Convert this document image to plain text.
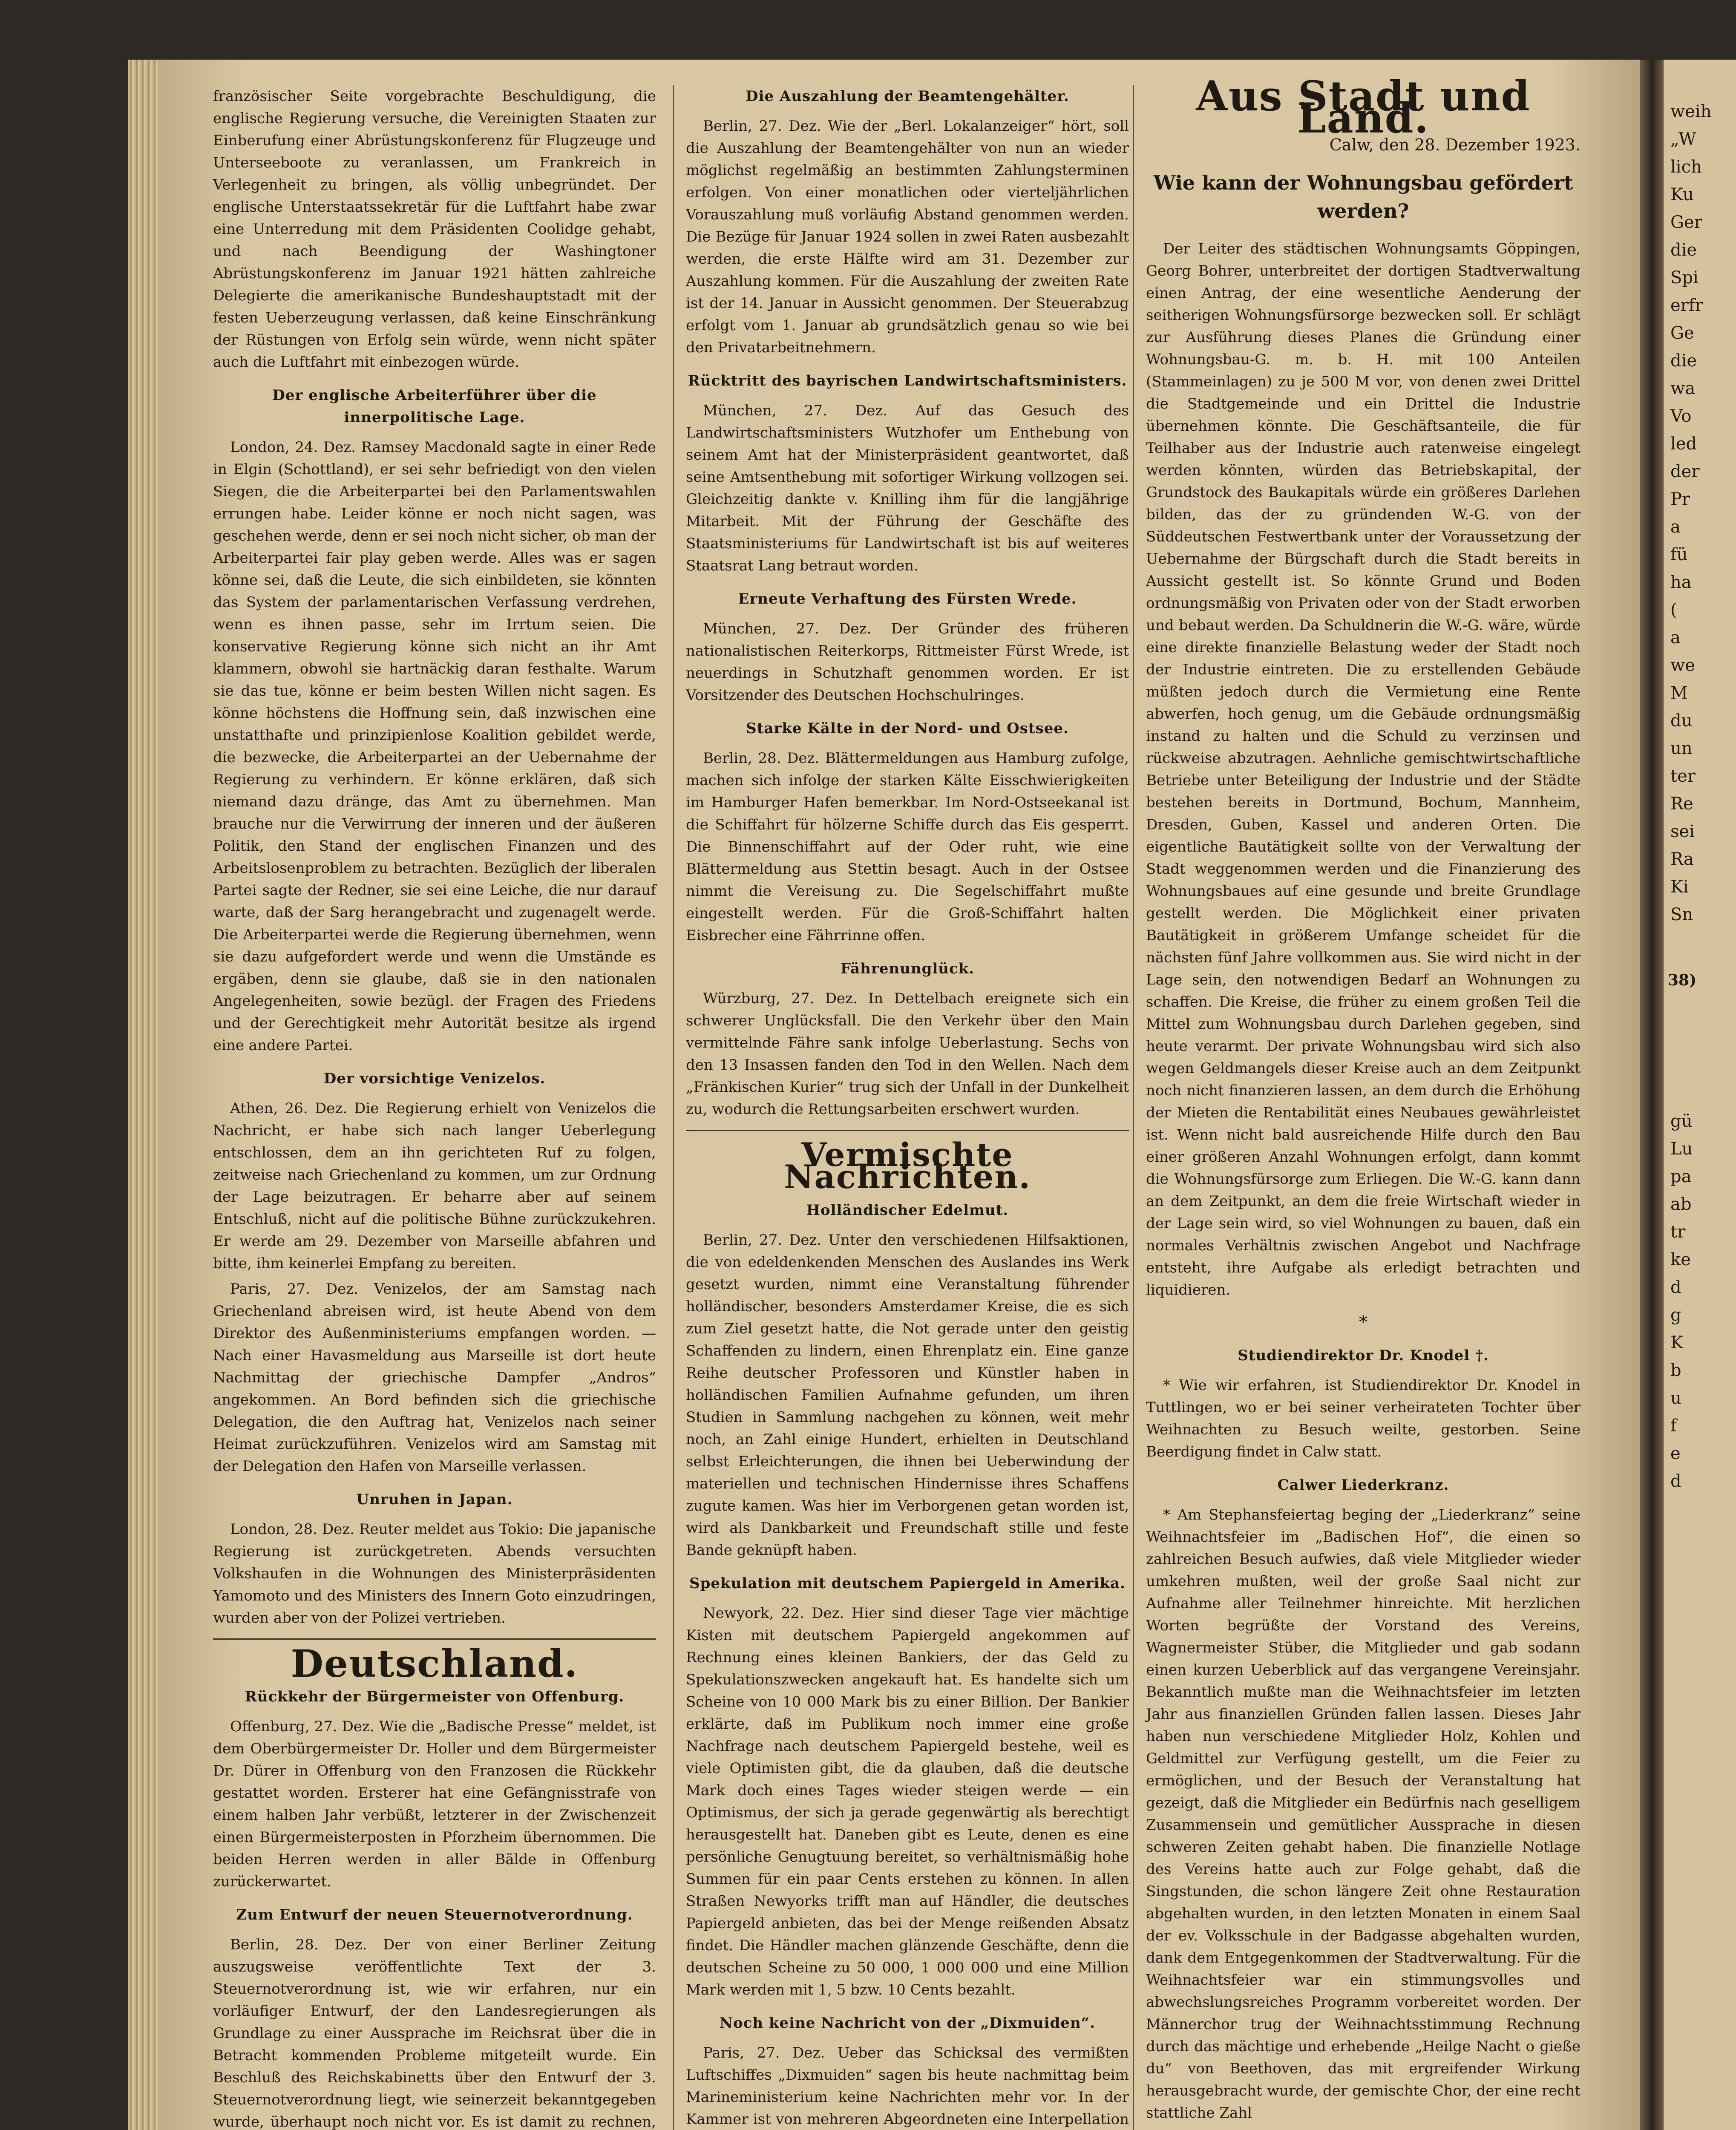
französischer Seite vorgebrachte Beschuldigung, die englische Regierung versuche, die Vereinigten Staaten zur Einberufung einer Abrüstungskonferenz für Flugzeuge und Unterseeboote zu veranlassen, um Frankreich in Verlegenheit zu bringen, als völlig unbegründet. Der englische Unterstaatssekretär für die Luftfahrt habe zwar eine Unterredung mit dem Präsidenten Coolidge gehabt, und nach Beendigung der Washingtoner Abrüstungskonferenz im Januar 1921 hätten zahlreiche Delegierte die amerikanische Bundeshauptstadt mit der festen Ueberzeugung verlassen, daß keine Einschränkung der Rüstungen von Erfolg sein würde, wenn nicht später auch die Luftfahrt mit einbezogen würde.

Der englische Arbeiterführer über die innerpolitische Lage.

London, 24. Dez. Ramsey Macdonald sagte in einer Rede in Elgin (Schottland), er sei sehr befriedigt von den vielen Siegen, die die Arbeiterpartei bei den Parlamentswahlen errungen habe. Leider könne er noch nicht sagen, was geschehen werde, denn er sei noch nicht sicher, ob man der Arbeiterpartei fair play geben werde. Alles was er sagen könne sei, daß die Leute, die sich einbildeten, sie könnten das System der parlamentarischen Verfassung verdrehen, wenn es ihnen passe, sehr im Irrtum seien. Die konservative Regierung könne sich nicht an ihr Amt klammern, obwohl sie hartnäckig daran festhalte. Warum sie das tue, könne er beim besten Willen nicht sagen. Es könne höchstens die Hoffnung sein, daß inzwischen eine unstatthafte und prinzipienlose Koalition gebildet werde, die bezwecke, die Arbeiterpartei an der Uebernahme der Regierung zu verhindern. Er könne erklären, daß sich niemand dazu dränge, das Amt zu übernehmen. Man brauche nur die Verwirrung der inneren und der äußeren Politik, den Stand der englischen Finanzen und des Arbeitslosenproblem zu betrachten. Bezüglich der liberalen Partei sagte der Redner, sie sei eine Leiche, die nur darauf warte, daß der Sarg herangebracht und zugenagelt werde. Die Arbeiterpartei werde die Regierung übernehmen, wenn sie dazu aufgefordert werde und wenn die Umstände es ergäben, denn sie glaube, daß sie in den nationalen Angelegenheiten, sowie bezügl. der Fragen des Friedens und der Gerechtigkeit mehr Autorität besitze als irgend eine andere Partei.

Der vorsichtige Venizelos.

Athen, 26. Dez. Die Regierung erhielt von Venizelos die Nachricht, er habe sich nach langer Ueberlegung entschlossen, dem an ihn gerichteten Ruf zu folgen, zeitweise nach Griechenland zu kommen, um zur Ordnung der Lage beizutragen. Er beharre aber auf seinem Entschluß, nicht auf die politische Bühne zurückzukehren. Er werde am 29. Dezember von Marseille abfahren und bitte, ihm keinerlei Empfang zu bereiten.

Paris, 27. Dez. Venizelos, der am Samstag nach Griechenland abreisen wird, ist heute Abend von dem Direktor des Außenministeriums empfangen worden. — Nach einer Havasmeldung aus Marseille ist dort heute Nachmittag der griechische Dampfer „Andros“ angekommen. An Bord befinden sich die griechische Delegation, die den Auftrag hat, Venizelos nach seiner Heimat zurückzuführen. Venizelos wird am Samstag mit der Delegation den Hafen von Marseille verlassen.

Unruhen in Japan.

London, 28. Dez. Reuter meldet aus Tokio: Die japanische Regierung ist zurückgetreten. Abends versuchten Volkshaufen in die Wohnungen des Ministerpräsidenten Yamomoto und des Ministers des Innern Goto einzudringen, wurden aber von der Polizei vertrieben.

Deutschland.
Rückkehr der Bürgermeister von Offenburg.

Offenburg, 27. Dez. Wie die „Badische Presse“ meldet, ist dem Oberbürgermeister Dr. Holler und dem Bürgermeister Dr. Dürer in Offenburg von den Franzosen die Rückkehr gestattet worden. Ersterer hat eine Gefängnisstrafe von einem halben Jahr verbüßt, letzterer in der Zwischenzeit einen Bürgermeisterposten in Pforzheim übernommen. Die beiden Herren werden in aller Bälde in Offenburg zurückerwartet.

Zum Entwurf der neuen Steuernotverordnung.

Berlin, 28. Dez. Der von einer Berliner Zeitung auszugsweise veröffentlichte Text der 3. Steuernotverordnung ist, wie wir erfahren, nur ein vorläufiger Entwurf, der den Landesregierungen als Grundlage zu einer Aussprache im Reichsrat über die in Betracht kommenden Probleme mitgeteilt wurde. Ein Beschluß des Reichskabinetts über den Entwurf der 3. Steuernotverordnung liegt, wie seinerzeit bekanntgegeben wurde, überhaupt noch nicht vor. Es ist damit zu rechnen,

Die Auszahlung der Beamtengehälter.

Berlin, 27. Dez. Wie der „Berl. Lokalanzeiger“ hört, soll die Auszahlung der Beamtengehälter von nun an wieder möglichst regelmäßig an bestimmten Zahlungsterminen erfolgen. Von einer monatlichen oder vierteljährlichen Vorauszahlung muß vorläufig Abstand genommen werden. Die Bezüge für Januar 1924 sollen in zwei Raten ausbezahlt werden, die erste Hälfte wird am 31. Dezember zur Auszahlung kommen. Für die Auszahlung der zweiten Rate ist der 14. Januar in Aussicht genommen. Der Steuerabzug erfolgt vom 1. Januar ab grundsätzlich genau so wie bei den Privatarbeitnehmern.

Rücktritt des bayrischen Landwirtschaftsministers.

München, 27. Dez. Auf das Gesuch des Landwirtschaftsministers Wutzhofer um Enthebung von seinem Amt hat der Ministerpräsident geantwortet, daß seine Amtsenthebung mit sofortiger Wirkung vollzogen sei. Gleichzeitig dankte v. Knilling ihm für die langjährige Mitarbeit. Mit der Führung der Geschäfte des Staatsministeriums für Landwirtschaft ist bis auf weiteres Staatsrat Lang betraut worden.

Erneute Verhaftung des Fürsten Wrede.

München, 27. Dez. Der Gründer des früheren nationalistischen Reiterkorps, Rittmeister Fürst Wrede, ist neuerdings in Schutzhaft genommen worden. Er ist Vorsitzender des Deutschen Hochschulringes.

Starke Kälte in der Nord- und Ostsee.

Berlin, 28. Dez. Blättermeldungen aus Hamburg zufolge, machen sich infolge der starken Kälte Eisschwierigkeiten im Hamburger Hafen bemerkbar. Im Nord-Ostseekanal ist die Schiffahrt für hölzerne Schiffe durch das Eis gesperrt. Die Binnenschiffahrt auf der Oder ruht, wie eine Blättermeldung aus Stettin besagt. Auch in der Ostsee nimmt die Vereisung zu. Die Segelschiffahrt mußte eingestellt werden. Für die Groß-Schiffahrt halten Eisbrecher eine Fährrinne offen.

Fährenunglück.

Würzburg, 27. Dez. In Dettelbach ereignete sich ein schwerer Unglücksfall. Die den Verkehr über den Main vermittelnde Fähre sank infolge Ueberlastung. Sechs von den 13 Insassen fanden den Tod in den Wellen. Nach dem „Fränkischen Kurier“ trug sich der Unfall in der Dunkelheit zu, wodurch die Rettungsarbeiten erschwert wurden.

Vermischte Nachrichten.
Holländischer Edelmut.

Berlin, 27. Dez. Unter den verschiedenen Hilfsaktionen, die von edeldenkenden Menschen des Auslandes ins Werk gesetzt wurden, nimmt eine Veranstaltung führender holländischer, besonders Amsterdamer Kreise, die es sich zum Ziel gesetzt hatte, die Not gerade unter den geistig Schaffenden zu lindern, einen Ehrenplatz ein. Eine ganze Reihe deutscher Professoren und Künstler haben in holländischen Familien Aufnahme gefunden, um ihren Studien in Sammlung nachgehen zu können, weit mehr noch, an Zahl einige Hundert, erhielten in Deutschland selbst Erleichterungen, die ihnen bei Ueberwindung der materiellen und technischen Hindernisse ihres Schaffens zugute kamen. Was hier im Verborgenen getan worden ist, wird als Dankbarkeit und Freundschaft stille und feste Bande geknüpft haben.

Spekulation mit deutschem Papiergeld in Amerika.

Newyork, 22. Dez. Hier sind dieser Tage vier mächtige Kisten mit deutschem Papiergeld angekommen auf Rechnung eines kleinen Bankiers, der das Geld zu Spekulationszwecken angekauft hat. Es handelte sich um Scheine von 10 000 Mark bis zu einer Billion. Der Bankier erklärte, daß im Publikum noch immer eine große Nachfrage nach deutschem Papiergeld bestehe, weil es viele Optimisten gibt, die da glauben, daß die deutsche Mark doch eines Tages wieder steigen werde — ein Optimismus, der sich ja gerade gegenwärtig als berechtigt herausgestellt hat. Daneben gibt es Leute, denen es eine persönliche Genugtuung bereitet, so verhältnismäßig hohe Summen für ein paar Cents erstehen zu können. In allen Straßen Newyorks trifft man auf Händler, die deutsches Papiergeld anbieten, das bei der Menge reißenden Absatz findet. Die Händler machen glänzende Geschäfte, denn die deutschen Scheine zu 50 000, 1 000 000 und eine Million Mark werden mit 1, 5 bzw. 10 Cents bezahlt.

Noch keine Nachricht von der „Dixmuiden“.

Paris, 27. Dez. Ueber das Schicksal des vermißten Luftschiffes „Dixmuiden“ sagen bis heute nachmittag beim Marineministerium keine Nachrichten mehr vor. In der Kammer ist von mehreren Abgeordneten eine Interpellation

Aus Stadt und Land.
Calw, den 28. Dezember 1923.
Wie kann der Wohnungsbau gefördert werden?

Der Leiter des städtischen Wohnungsamts Göppingen, Georg Bohrer, unterbreitet der dortigen Stadtverwaltung einen Antrag, der eine wesentliche Aenderung der seitherigen Wohnungsfürsorge bezwecken soll. Er schlägt zur Ausführung dieses Planes die Gründung einer Wohnungsbau-G. m. b. H. mit 100 Anteilen (Stammeinlagen) zu je 500 M vor, von denen zwei Drittel die Stadtgemeinde und ein Drittel die Industrie übernehmen könnte. Die Geschäftsanteile, die für Teilhaber aus der Industrie auch ratenweise eingelegt werden könnten, würden das Betriebskapital, der Grundstock des Baukapitals würde ein größeres Darlehen bilden, das der zu gründenden W.-G. von der Süddeutschen Festwertbank unter der Voraussetzung der Uebernahme der Bürgschaft durch die Stadt bereits in Aussicht gestellt ist. So könnte Grund und Boden ordnungsmäßig von Privaten oder von der Stadt erworben und bebaut werden. Da Schuldnerin die W.-G. wäre, würde eine direkte finanzielle Belastung weder der Stadt noch der Industrie eintreten. Die zu erstellenden Gebäude müßten jedoch durch die Vermietung eine Rente abwerfen, hoch genug, um die Gebäude ordnungsmäßig instand zu halten und die Schuld zu verzinsen und rückweise abzutragen. Aehnliche gemischtwirtschaftliche Betriebe unter Beteiligung der Industrie und der Städte bestehen bereits in Dortmund, Bochum, Mannheim, Dresden, Guben, Kassel und anderen Orten. Die eigentliche Bautätigkeit sollte von der Verwaltung der Stadt weggenommen werden und die Finanzierung des Wohnungsbaues auf eine gesunde und breite Grundlage gestellt werden. Die Möglichkeit einer privaten Bautätigkeit in größerem Umfange scheidet für die nächsten fünf Jahre vollkommen aus. Sie wird nicht in der Lage sein, den notwendigen Bedarf an Wohnungen zu schaffen. Die Kreise, die früher zu einem großen Teil die Mittel zum Wohnungsbau durch Darlehen gegeben, sind heute verarmt. Der private Wohnungsbau wird sich also wegen Geldmangels dieser Kreise auch an dem Zeitpunkt noch nicht finanzieren lassen, an dem durch die Erhöhung der Mieten die Rentabilität eines Neubaues gewährleistet ist. Wenn nicht bald ausreichende Hilfe durch den Bau einer größeren Anzahl Wohnungen erfolgt, dann kommt die Wohnungsfürsorge zum Erliegen. Die W.-G. kann dann an dem Zeitpunkt, an dem die freie Wirtschaft wieder in der Lage sein wird, so viel Wohnungen zu bauen, daß ein normales Verhältnis zwischen Angebot und Nachfrage entsteht, ihre Aufgabe als erledigt betrachten und liquidieren.

*
Studiendirektor Dr. Knodel †.

* Wie wir erfahren, ist Studiendirektor Dr. Knodel in Tuttlingen, wo er bei seiner verheirateten Tochter über Weihnachten zu Besuch weilte, gestorben. Seine Beerdigung findet in Calw statt.

Calwer Liederkranz.

* Am Stephansfeiertag beging der „Liederkranz“ seine Weihnachtsfeier im „Badischen Hof“, die einen so zahlreichen Besuch aufwies, daß viele Mitglieder wieder umkehren mußten, weil der große Saal nicht zur Aufnahme aller Teilnehmer hinreichte. Mit herzlichen Worten begrüßte der Vorstand des Vereins, Wagnermeister Stüber, die Mitglieder und gab sodann einen kurzen Ueberblick auf das vergangene Vereinsjahr. Bekanntlich mußte man die Weihnachtsfeier im letzten Jahr aus finanziellen Gründen fallen lassen. Dieses Jahr haben nun verschiedene Mitglieder Holz, Kohlen und Geldmittel zur Verfügung gestellt, um die Feier zu ermöglichen, und der Besuch der Veranstaltung hat gezeigt, daß die Mitglieder ein Bedürfnis nach geselligem Zusammensein und gemütlicher Aussprache in diesen schweren Zeiten gehabt haben. Die finanzielle Notlage des Vereins hatte auch zur Folge gehabt, daß die Singstunden, die schon längere Zeit ohne Restauration abgehalten wurden, in den letzten Monaten in einem Saal der ev. Volksschule in der Badgasse abgehalten wurden, dank dem Entgegenkommen der Stadtverwaltung. Für die Weihnachtsfeier war ein stimmungsvolles und abwechslungsreiches Programm vorbereitet worden. Der Männerchor trug der Weihnachtsstimmung Rechnung durch das mächtige und erhebende „Heilge Nacht o gieße du“ von Beethoven, das mit ergreifender Wirkung herausgebracht wurde, der gemischte Chor, der eine recht stattliche Zahl

weih

„W

lich

Ku

Ger

die

Spi

erfr

Ge

die

wa

Vo

led

der

Pr

a

fü

ha

(

a

we

M

du

un

ter

Re

sei

Ra

Ki

Sn

gü

Lu

pa

ab

tr

ke

d

g

K

b

u

f

e

d

38)
